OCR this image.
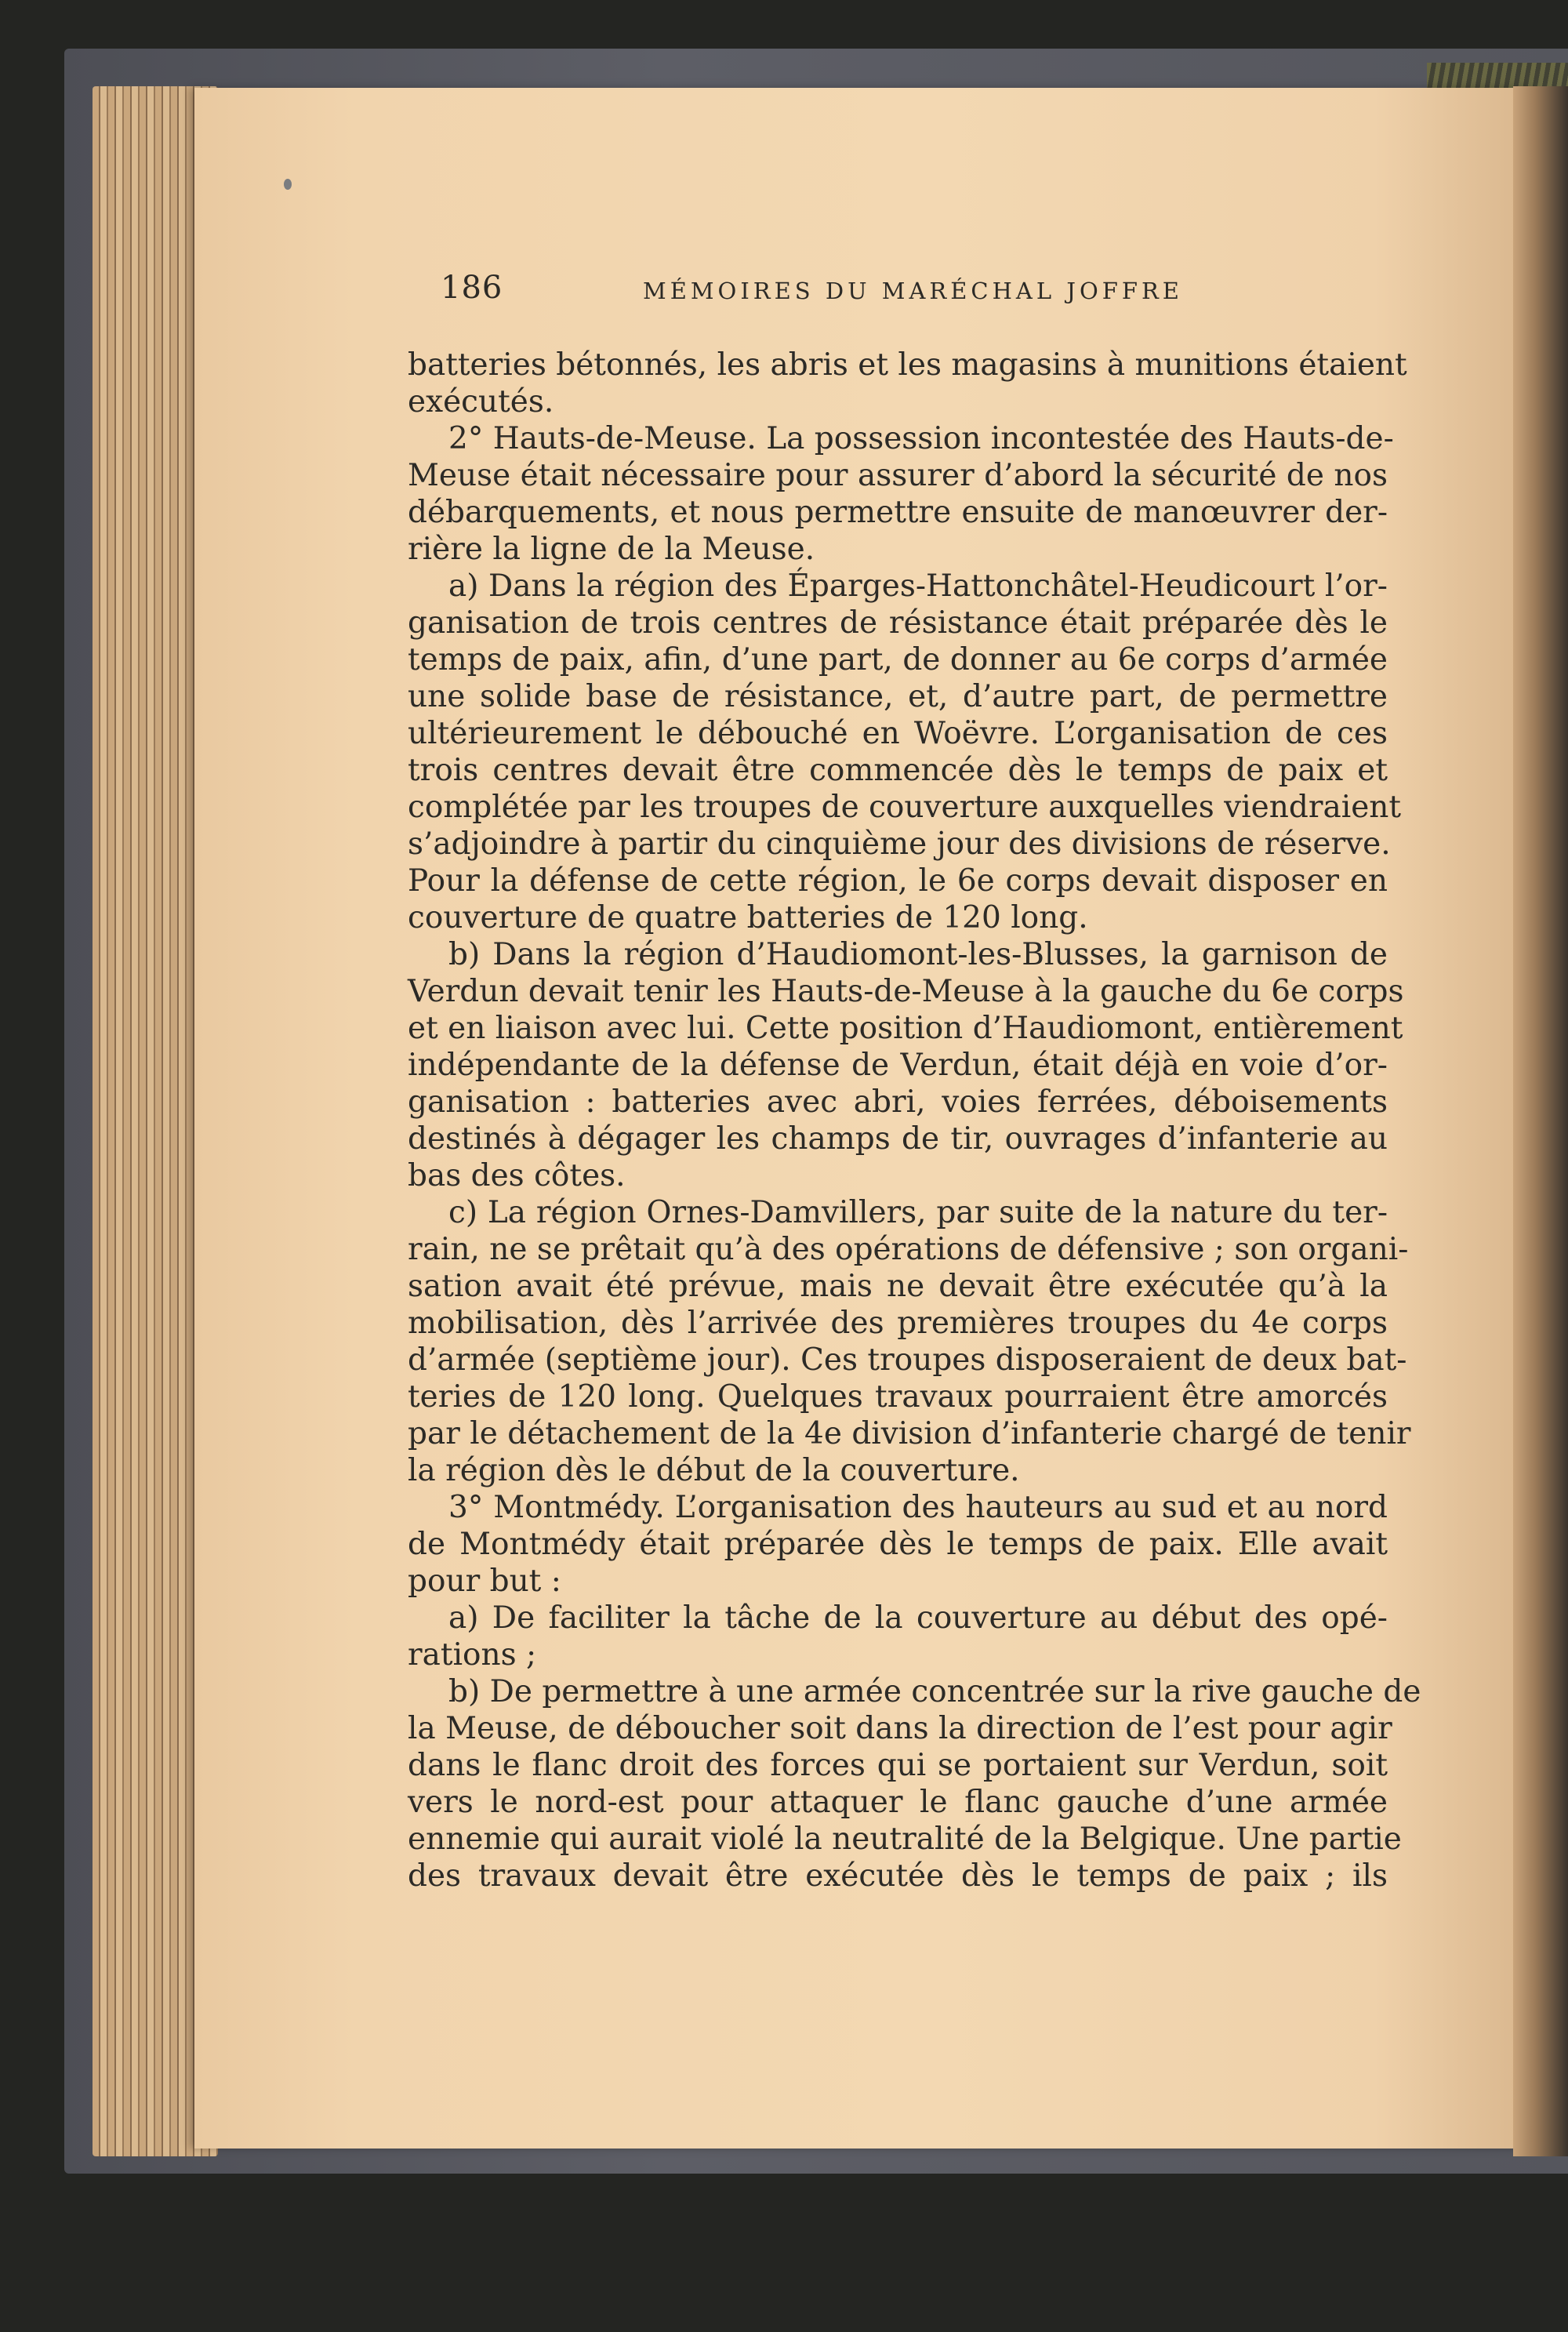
186	MÉMOIRES DU MARÉCHAL JOFFRE
batteries bétonnés, les abris et les magasins à munitions étaient
exécutés.
2° Hauts-de-Meuse. La possession incontestée des Hauts-de-
Meuse était nécessaire pour assurer d’abord la sécurité de nos
débarquements, et nous permettre ensuite de manœuvrer der-
rière la ligne de la Meuse.
a) Dans la région des Éparges-Hattonchâtel-Heudicourt l’or-
ganisation de trois centres de résistance était préparée dès le
temps de paix, afin, d’une part, de donner au 6e corps d’armée
une solide base de résistance, et, d’autre part, de permettre
ultérieurement le débouché en Woëvre. L’organisation de ces
trois centres devait être commencée dès le temps de paix et
complétée par les troupes de couverture auxquelles viendraient
s’adjoindre à partir du cinquième jour des divisions de réserve.
Pour la défense de cette région, le 6e corps devait disposer en
couverture de quatre batteries de 120 long.
b) Dans la région d’Haudiomont-les-Blusses, la garnison de
Verdun devait tenir les Hauts-de-Meuse à la gauche du 6e corps
et en liaison avec lui. Cette position d’Haudiomont, entièrement
indépendante de la défense de Verdun, était déjà en voie d’or-
ganisation : batteries avec abri, voies ferrées, déboisements
destinés à dégager les champs de tir, ouvrages d’infanterie au
bas des côtes.
c) La région Ornes-Damvillers, par suite de la nature du ter-
rain, ne se prêtait qu’à des opérations de défensive ; son organi-
sation avait été prévue, mais ne devait être exécutée qu’à la
mobilisation, dès l’arrivée des premières troupes du 4e corps
d’armée (septième jour). Ces troupes disposeraient de deux bat-
teries de 120 long. Quelques travaux pourraient être amorcés
par le détachement de la 4e division d’infanterie chargé de tenir
la région dès le début de la couverture.
3° Montmédy. L’organisation des hauteurs au sud et au nord
de Montmédy était préparée dès le temps de paix. Elle avait
pour but :
a) De faciliter la tâche de la couverture au début des opé-
rations ;
b) De permettre à une armée concentrée sur la rive gauche de
la Meuse, de déboucher soit dans la direction de l’est pour agir
dans le flanc droit des forces qui se portaient sur Verdun, soit
vers le nord-est pour attaquer le flanc gauche d’une armée
ennemie qui aurait violé la neutralité de la Belgique. Une partie
des travaux devait être exécutée dès le temps de paix ; ils
